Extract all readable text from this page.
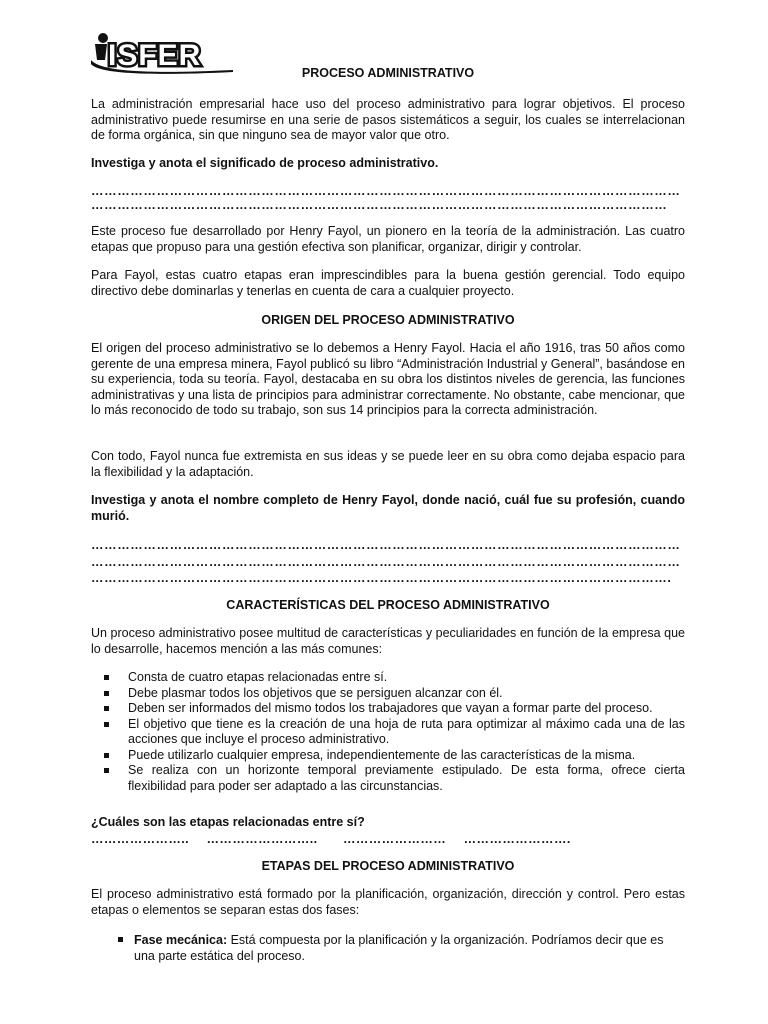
ISFER
PROCESO ADMINISTRATIVO

La administración empresarial hace uso del proceso administrativo para lograr objetivos. El proceso administrativo puede resumirse en una serie de pasos sistemáticos a seguir, los cuales se interrelacionan de forma orgánica, sin que ninguno sea de mayor valor que otro.

Investiga y anota el significado de proceso administrativo.

………………………………………………………………………………………………………………………

……………………………………………………………………………………………………………………

Este proceso fue desarrollado por Henry Fayol, un pionero en la teoría de la administración. Las cuatro etapas que propuso para una gestión efectiva son planificar, organizar, dirigir y controlar.

Para Fayol, estas cuatro etapas eran imprescindibles para la buena gestión gerencial. Todo equipo directivo debe dominarlas y tenerlas en cuenta de cara a cualquier proyecto.

ORIGEN DEL PROCESO ADMINISTRATIVO

El origen del proceso administrativo se lo debemos a Henry Fayol. Hacia el año 1916, tras 50 años como gerente de una empresa minera, Fayol publicó su libro “Administración Industrial y General”, basándose en su experiencia, toda su teoría. Fayol, destacaba en su obra los distintos niveles de gerencia, las funciones administrativas y una lista de principios para administrar correctamente. No obstante, cabe mencionar, que lo más reconocido de todo su trabajo, son sus 14 principios para la correcta administración.

Con todo, Fayol nunca fue extremista en sus ideas y se puede leer en su obra como dejaba espacio para la flexibilidad y la adaptación.

Investiga y anota el nombre completo de Henry Fayol, donde nació, cuál fue su profesión, cuando murió.

………………………………………………………………………………………………………………………

………………………………………………………………………………………………………………………

…………………………………………………………………………………………………………………….

CARACTERÍSTICAS DEL PROCESO ADMINISTRATIVO

Un proceso administrativo posee multitud de características y peculiaridades en función de la empresa que lo desarrolle, hacemos mención a las más comunes:

Consta de cuatro etapas relacionadas entre sí.
Debe plasmar todos los objetivos que se persiguen alcanzar con él.
Deben ser informados del mismo todos los trabajadores que vayan a formar parte del proceso.
El objetivo que tiene es la creación de una hoja de ruta para optimizar al máximo cada una de las acciones que incluye el proceso administrativo.
Puede utilizarlo cualquier empresa, independientemente de las características de la misma.
Se realiza con un horizonte temporal previamente estipulado. De esta forma, ofrece cierta flexibilidad para poder ser adaptado a las circunstancias.

¿Cuáles son las etapas relacionadas entre sí?

………………….. …………………….. …………………… …………………….

ETAPAS DEL PROCESO ADMINISTRATIVO

El proceso administrativo está formado por la planificación, organización, dirección y control. Pero estas etapas o elementos se separan estas dos fases:

Fase mecánica: Está compuesta por la planificación y la organización. Podríamos decir que es una parte estática del proceso.
